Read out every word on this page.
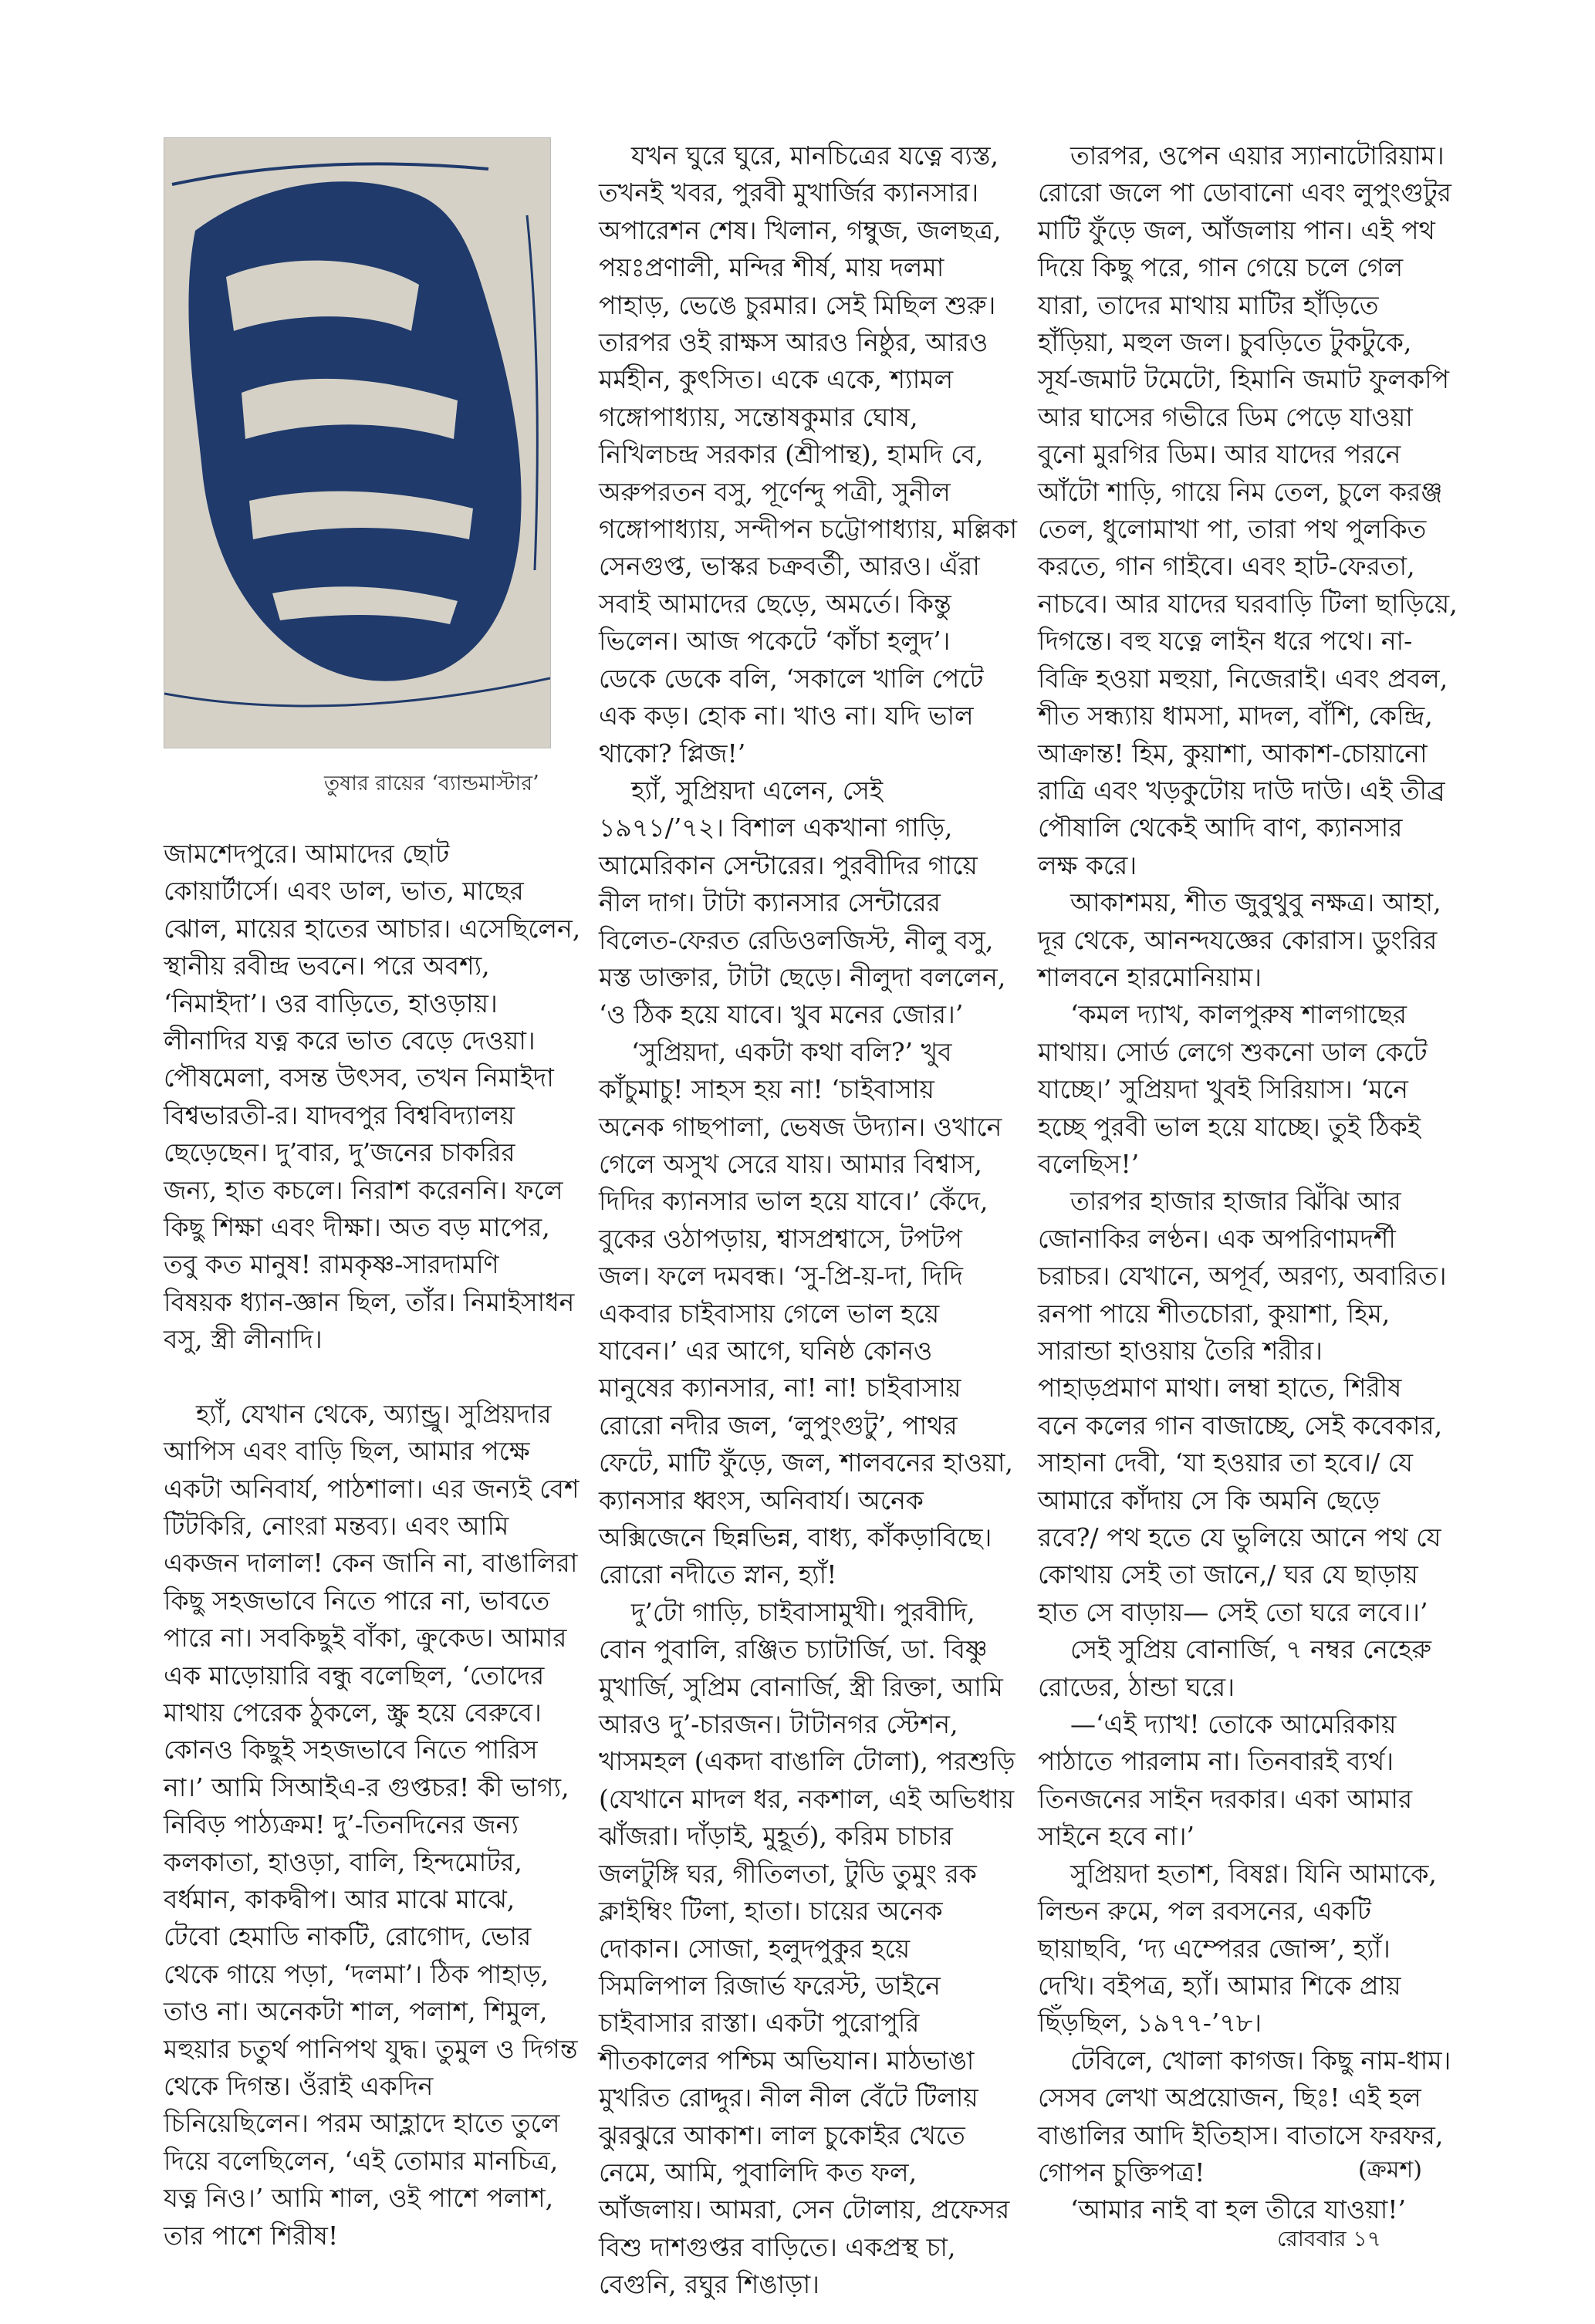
তুষার রায়ের ‘ব্যান্ডমাস্টার’

জামশেদপুরে। আমাদের ছোট
কোয়ার্টার্সে। এবং ডাল, ভাত, মাছের
ঝোল, মায়ের হাতের আচার। এসেছিলেন,
স্থানীয় রবীন্দ্র ভবনে। পরে অবশ্য,
‘নিমাইদা’। ওর বাড়িতে, হাওড়ায়।
লীনাদির যত্ন করে ভাত বেড়ে দেওয়া।
পৌষমেলা, বসন্ত উৎসব, তখন নিমাইদা
বিশ্বভারতী-র। যাদবপুর বিশ্ববিদ্যালয়
ছেড়েছেন। দু’বার, দু’জনের চাকরির
জন্য, হাত কচলে। নিরাশ করেননি। ফলে
কিছু শিক্ষা এবং দীক্ষা। অত বড় মাপের,
তবু কত মানুষ! রামকৃষ্ণ-সারদামণি
বিষয়ক ধ্যান-জ্ঞান ছিল, তাঁর। নিমাইসাধন
বসু, স্ত্রী লীনাদি।

হ্যাঁ, যেখান থেকে, অ্যান্ড্রু। সুপ্রিয়দার
আপিস এবং বাড়ি ছিল, আমার পক্ষে
একটা অনিবার্য, পাঠশালা। এর জন্যই বেশ
টিটকিরি, নোংরা মন্তব্য। এবং আমি
একজন দালাল! কেন জানি না, বাঙালিরা
কিছু সহজভাবে নিতে পারে না, ভাবতে
পারে না। সবকিছুই বাঁকা, ক্রুকেড। আমার
এক মাড়োয়ারি বন্ধু বলেছিল, ‘তোদের
মাথায় পেরেক ঠুকলে, স্ক্রু হয়ে বেরুবে।
কোনও কিছুই সহজভাবে নিতে পারিস
না।’ আমি সিআইএ-র গুপ্তচর! কী ভাগ্য,
নিবিড় পাঠ্যক্রম! দু’-তিনদিনের জন্য
কলকাতা, হাওড়া, বালি, হিন্দমোটর,
বর্ধমান, কাকদ্বীপ। আর মাঝে মাঝে,
টেবো হেমাডি নাকটি, রোগোদ, ভোর
থেকে গায়ে পড়া, ‘দলমা’। ঠিক পাহাড়,
তাও না। অনেকটা শাল, পলাশ, শিমুল,
মহুয়ার চতুর্থ পানিপথ যুদ্ধ। তুমুল ও দিগন্ত
থেকে দিগন্ত। ওঁরাই একদিন
চিনিয়েছিলেন। পরম আহ্লাদে হাতে তুলে
দিয়ে বলেছিলেন, ‘এই তোমার মানচিত্র,
যত্ন নিও।’ আমি শাল, ওই পাশে পলাশ,
তার পাশে শিরীষ!

যখন ঘুরে ঘুরে, মানচিত্রের যত্নে ব্যস্ত,
তখনই খবর, পুরবী মুখার্জির ক্যানসার।
অপারেশন শেষ। খিলান, গম্বুজ, জলছত্র,
পয়ঃপ্রণালী, মন্দির শীর্ষ, মায় দলমা
পাহাড়, ভেঙে চুরমার। সেই মিছিল শুরু।
তারপর ওই রাক্ষস আরও নিষ্ঠুর, আরও
মর্মহীন, কুৎসিত। একে একে, শ্যামল
গঙ্গোপাধ্যায়, সন্তোষকুমার ঘোষ,
নিখিলচন্দ্র সরকার (শ্রীপান্থ), হামদি বে,
অরুপরতন বসু, পূর্ণেন্দু পত্রী, সুনীল
গঙ্গোপাধ্যায়, সন্দীপন চট্টোপাধ্যায়, মল্লিকা
সেনগুপ্ত, ভাস্কর চক্রবর্তী, আরও। এঁরা
সবাই আমাদের ছেড়ে, অমর্তে। কিন্তু
ভিলেন। আজ পকেটে ‘কাঁচা হলুদ’।
ডেকে ডেকে বলি, ‘সকালে খালি পেটে
এক কড়। হোক না। খাও না। যদি ভাল
থাকো? প্লিজ!’

হ্যাঁ, সুপ্রিয়দা এলেন, সেই
১৯৭১/’৭২। বিশাল একখানা গাড়ি,
আমেরিকান সেন্টারের। পুরবীদির গায়ে
নীল দাগ। টাটা ক্যানসার সেন্টারের
বিলেত-ফেরত রেডিওলজিস্ট, নীলু বসু,
মস্ত ডাক্তার, টাটা ছেড়ে। নীলুদা বললেন,
‘ও ঠিক হয়ে যাবে। খুব মনের জোর।’

‘সুপ্রিয়দা, একটা কথা বলি?’ খুব
কাঁচুমাচু! সাহস হয় না! ‘চাইবাসায়
অনেক গাছপালা, ভেষজ উদ্যান। ওখানে
গেলে অসুখ সেরে যায়। আমার বিশ্বাস,
দিদির ক্যানসার ভাল হয়ে যাবে।’ কেঁদে,
বুকের ওঠাপড়ায়, শ্বাসপ্রশ্বাসে, টপটপ
জল। ফলে দমবন্ধ। ‘সু-প্রি-য়-দা, দিদি
একবার চাইবাসায় গেলে ভাল হয়ে
যাবেন।’ এর আগে, ঘনিষ্ঠ কোনও
মানুষের ক্যানসার, না! না! চাইবাসায়
রোরো নদীর জল, ‘লুপুংগুটু’, পাথর
ফেটে, মাটি ফুঁড়ে, জল, শালবনের হাওয়া,
ক্যানসার ধ্বংস, অনিবার্য। অনেক
অক্সিজেনে ছিন্নভিন্ন, বাধ্য, কাঁকড়াবিছে।
রোরো নদীতে স্নান, হ্যাঁ!

দু’টো গাড়ি, চাইবাসামুখী। পুরবীদি,
বোন পুবালি, রঞ্জিত চ্যাটার্জি, ডা. বিষ্ণু
মুখার্জি, সুপ্রিম বোনার্জি, স্ত্রী রিক্তা, আমি
আরও দু’-চারজন। টাটানগর স্টেশন,
খাসমহল (একদা বাঙালি টোলা), পরশুড়ি
(যেখানে মাদল ধর, নকশাল, এই অভিধায়
ঝাঁজরা। দাঁড়াই, মুহূর্ত), করিম চাচার
জলটুঙ্গি ঘর, গীতিলতা, টুডি তুমুং রক
ক্লাইম্বিং টিলা, হাতা। চায়ের অনেক
দোকান। সোজা, হলুদপুকুর হয়ে
সিমলিপাল রিজার্ভ ফরেস্ট, ডাইনে
চাইবাসার রাস্তা। একটা পুরোপুরি
শীতকালের পশ্চিম অভিযান। মাঠভাঙা
মুখরিত রোদ্দুর। নীল নীল বেঁটে টিলায়
ঝুরঝুরে আকাশ। লাল চুকোইর খেতে
নেমে, আমি, পুবালিদি কত ফল,
আঁজলায়। আমরা, সেন টোলায়, প্রফেসর
বিশু দাশগুপ্তর বাড়িতে। একপ্রস্থ চা,
বেগুনি, রঘুর শিঙাড়া।

তারপর, ওপেন এয়ার স্যানাটোরিয়াম।
রোরো জলে পা ডোবানো এবং লুপুংগুটুর
মাটি ফুঁড়ে জল, আঁজলায় পান। এই পথ
দিয়ে কিছু পরে, গান গেয়ে চলে গেল
যারা, তাদের মাথায় মাটির হাঁড়িতে
হাঁড়িয়া, মহুল জল। চুবড়িতে টুকটুকে,
সূর্য-জমাট টমেটো, হিমানি জমাট ফুলকপি
আর ঘাসের গভীরে ডিম পেড়ে যাওয়া
বুনো মুরগির ডিম। আর যাদের পরনে
আঁটো শাড়ি, গায়ে নিম তেল, চুলে করঞ্জ
তেল, ধুলোমাখা পা, তারা পথ পুলকিত
করতে, গান গাইবে। এবং হাট-ফেরতা,
নাচবে। আর যাদের ঘরবাড়ি টিলা ছাড়িয়ে,
দিগন্তে। বহু যত্নে লাইন ধরে পথে। না-
বিক্রি হওয়া মহুয়া, নিজেরাই। এবং প্রবল,
শীত সন্ধ্যায় ধামসা, মাদল, বাঁশি, কেন্দ্রি,
আক্রান্ত! হিম, কুয়াশা, আকাশ-চোয়ানো
রাত্রি এবং খড়কুটোয় দাউ দাউ। এই তীব্র
পৌষালি থেকেই আদি বাণ, ক্যানসার
লক্ষ করে।

আকাশময়, শীত জুবুথুবু নক্ষত্র। আহা,
দূর থেকে, আনন্দযজ্ঞের কোরাস। ডুংরির
শালবনে হারমোনিয়াম।

‘কমল দ্যাখ, কালপুরুষ শালগাছের
মাথায়। সোর্ড লেগে শুকনো ডাল কেটে
যাচ্ছে।’ সুপ্রিয়দা খুবই সিরিয়াস। ‘মনে
হচ্ছে পুরবী ভাল হয়ে যাচ্ছে। তুই ঠিকই
বলেছিস!’

তারপর হাজার হাজার ঝিঁঝি আর
জোনাকির লণ্ঠন। এক অপরিণামদর্শী
চরাচর। যেখানে, অপূর্ব, অরণ্য, অবারিত।
রনপা পায়ে শীতচোরা, কুয়াশা, হিম,
সারান্ডা হাওয়ায় তৈরি শরীর।
পাহাড়প্রমাণ মাথা। লম্বা হাতে, শিরীষ
বনে কলের গান বাজাচ্ছে, সেই কবেকার,
সাহানা দেবী, ‘যা হওয়ার তা হবে।/ যে
আমারে কাঁদায় সে কি অমনি ছেড়ে
রবে?/ পথ হতে যে ভুলিয়ে আনে পথ যে
কোথায় সেই তা জানে,/ ঘর যে ছাড়ায়
হাত সে বাড়ায়— সেই তো ঘরে লবে।।’

সেই সুপ্রিয় বোনার্জি, ৭ নম্বর নেহেরু
রোডের, ঠান্ডা ঘরে।

—‘এই দ্যাখ! তোকে আমেরিকায়
পাঠাতে পারলাম না। তিনবারই ব্যর্থ।
তিনজনের সাইন দরকার। একা আমার
সাইনে হবে না।’

সুপ্রিয়দা হতাশ, বিষণ্ণ। যিনি আমাকে,
লিন্ডন রুমে, পল রবসনের, একটি
ছায়াছবি, ‘দ্য এম্পেরর জোন্স’, হ্যাঁ।
দেখি। বইপত্র, হ্যাঁ। আমার শিকে প্রায়
ছিঁড়ছিল, ১৯৭৭-’৭৮।

টেবিলে, খোলা কাগজ। কিছু নাম-ধাম।
সেসব লেখা অপ্রয়োজন, ছিঃ! এই হল
বাঙালির আদি ইতিহাস। বাতাসে ফরফর,
গোপন চুক্তিপত্র!

‘আমার নাই বা হল তীরে যাওয়া!’

(ক্রমশ)
রোববার ১৭
